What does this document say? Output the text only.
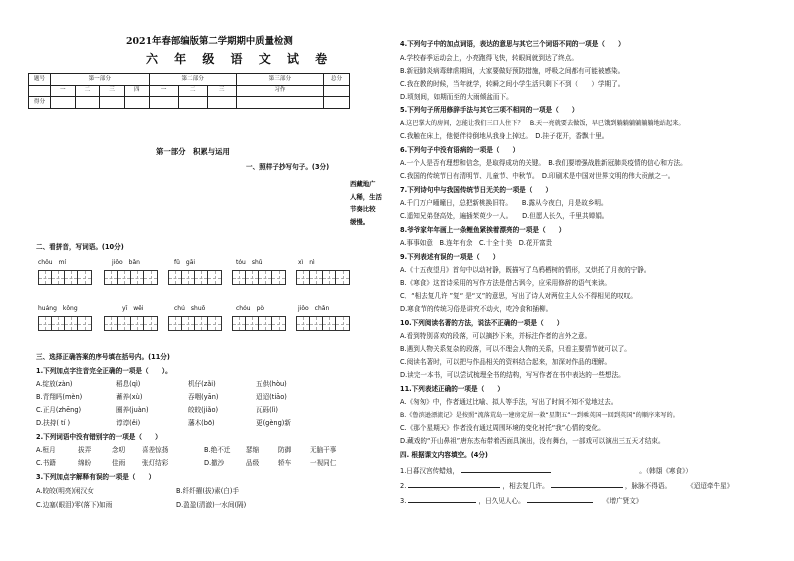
2021年春部编版第二学期期中质量检测
六 年 级 语 文 试 卷
题号	第一部分				第二部分			第三部分	总分
	一	二	三	四	一	二	三	习作	
得分									
第一部分　积累与运用
一、照样子抄写句子。(3分)
西藏地广
人稀，生活
节奏比较
缓慢。
二、看拼音，写词语。(10分)
chǒu　mí	jiǒo　bǎn	fǔ　gāi	tóu　shǔ	xì　nì
huáng　kǒng	yī　wēi	chú　shuō	chóu　pò	jiǒo　chǎn
三、选择正确答案的序号填在括号内。(11分)
1.下列加点字注音完全正确的一项是（　　）。
A.绽放(zàn)	稻息(qì)	机仔(zǎi)	五供(hòu)
B.青翔吗(mèn)	蓄养(xù)	吞咽(yān)	迢迢(tiāo)
C.正月(zhēng)	圈养(juàn)	皎皎(jiǎo)	瓦砾(lì)
D.扶持( tí )	谆谆(ěi)	藩木(bō)	更(gèng)新
2.下列词语中没有错别字的一项是（　　）
A.桓月	拔弄	念叨	喜差惊扬	B.绝不迁 瑟缩	防御	无脑干事
C.书籍	绵盼	佳雨	张灯结彩	D.撤沙	品级	轿车	一视同仁
3.下列加点字解释有误的一项是（　　）
A.皎皎(明亮)闲汉女	B.纤纤擢(拔)素(白)手
C.边塞(眼泪)零(落下)如雨	D.盈盈(清澈)一水间(隔)
4.下列句子中的加点词语，表达的意思与其它三个词语不同的一项是（　　）
A.学校春季运动会上，小亮跑得飞快，转眼间就到达了终点。
B.新冠肺炎病毒肆虐期间，大家要做好预防措施，呼吸之间都有可能被感染。
C.我在教的时候，当年就学，转瞬之间小学生活只剩下不到（　　）学期了。
D.顷刻间，如期而至的大雨倾盆而下。
5.下列句子所用修辞手法与其它三项不相同的一项是（　　）
A.这巴掌大的房间，怎能让我们三口人住下？　B.天一亮就要去做饭，早已饿到躺躺躺躺躺躺地站起来。
C.我触在床上，他便伴待倒地从我身上掉过。　D.挂子花开，香飘十里。
6.下列句子中没有语病的一项是（　　）
A.一个人是否有理想和信念，是取得成功的关键。　B.我们要增强战胜新冠肺炎疫情的信心和方法。
C.我国的传统节日有清明节、儿童节、中秋节。　D.印刷术是中国对世界文明的伟大贡献之一。
7.下列诗句中与我国传统节日无关的一项是（　　）
A.千门万户曈曈日，总把新桃换旧符。　　B.露从今夜白，月是故乡明。
C.遥知兄弟登高处，遍插茱萸少一人。　　D.但愿人长久，千里共婵娟。
8.爷爷家年年画上一条鲤鱼紧挨着漂亮的一项是（　　）
A.事事如意　B.连年有余　C.十全十美　D.花开富贵
9.下列表述有误的一项是（　　）
A.《十五夜望月》首句中以动衬静，既描写了乌鸦栖树的情形，又烘托了月夜的宁静。
B.《寒食》这首诗采用的写作方法是借古讽今，应采用修辞的语气来读。
C．“相去复几许 ”复“ 是“又”的意思，写出了诗人对两位主人公不得相见的叹叹。
D.寒食节的传统习俗是讲究不动火，吃冷食和插柳。
10.下列阅读名著的方法，说法不正确的一项是（　　）
A.看到特别喜欢的段落，可以摘抄下来，并标注作者的言外之意。
B.遇到人物关系复杂的段落，可以不理会人物的关系，只看主要情节就可以了。
C.阅读名著时，可以把与作品相关的资料结合起来，加深对作品的理解。
D.读完一本书，可以尝试梳理全书的结构，写写作者在书中表达的一些想法。
11.下列表述正确的一项是（　　）
A.《匆匆》中，作者通过比喻、拟人等手法，写出了时间不知不觉地过去。
B.《鲁滨逊漂流记》是按照“流落荒岛一建房定居一救“星期五”一到乘英国一回到英国”的顺序来写的。
C.《那个星期天》作者没有通过周围环境的变化衬托“我”心情的变化。
D.藏戏的“开山鼻祖”唐东杰布带着西面具演出，没有舞台，一部戏可以演出三五天才结束。
四. 根据课文内容填空。(4分)
1.日暮汉宫传蜡烛，	。（韩翃《寒食》）
2.	，相去复几许。	，脉脉不得语。 《迢迢牵牛星》
3.	，日久见人心。	《增广贤文》
